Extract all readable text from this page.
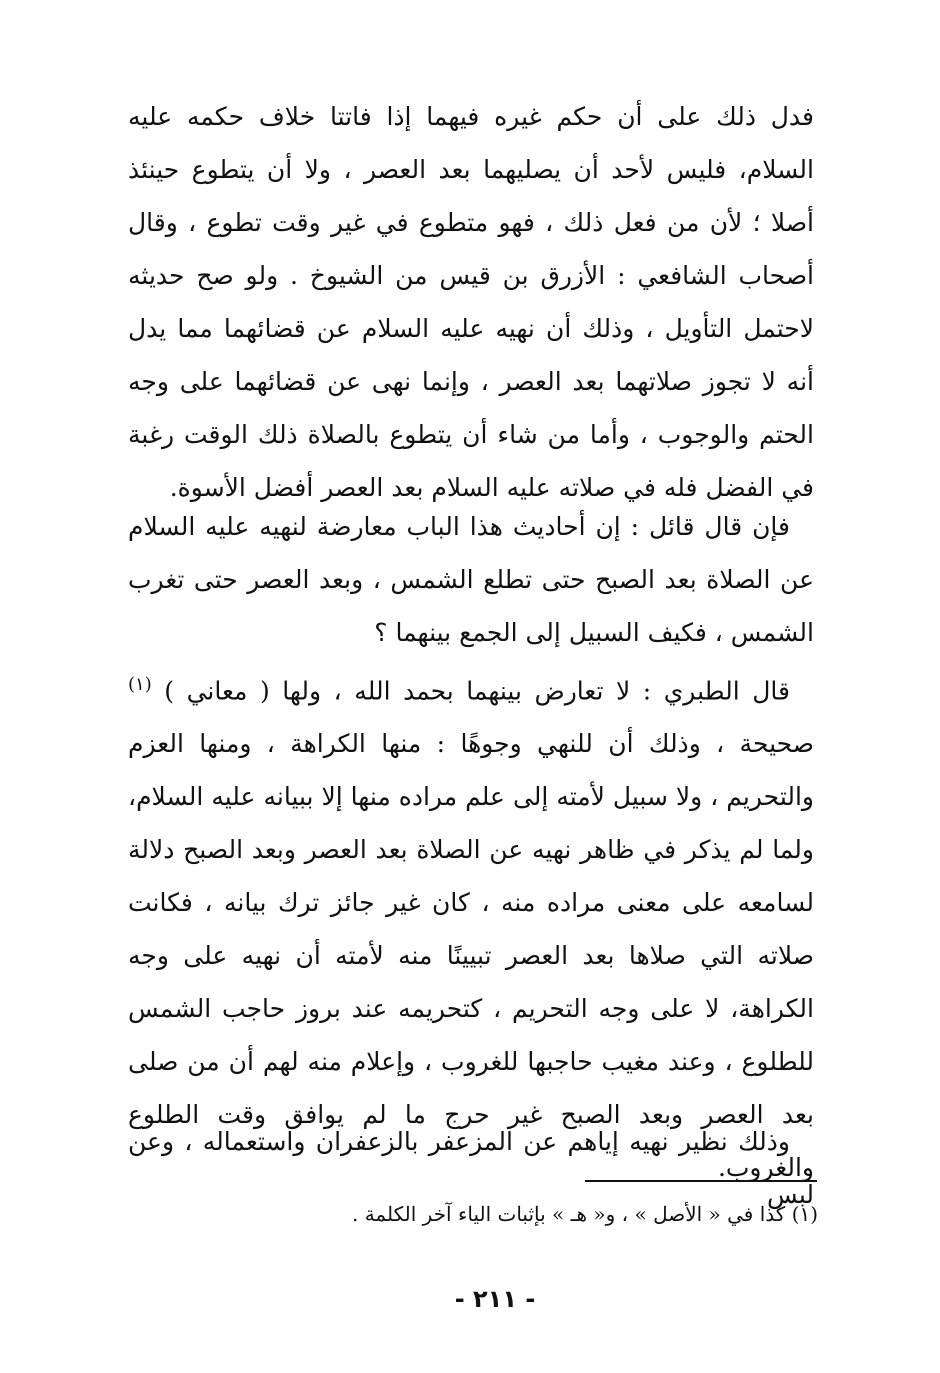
فدل ذلك على أن حكم غيره فيهما إذا فاتتا خلاف حكمه عليه السلام، فليس لأحد أن يصليهما بعد العصر ، ولا أن يتطوع حينئذ أصلا ؛ لأن من فعل ذلك ، فهو متطوع في غير وقت تطوع ، وقال أصحاب الشافعي : الأزرق بن قيس من الشيوخ . ولو صح حديثه لاحتمل التأويل ، وذلك أن نهيه عليه السلام عن قضائهما مما يدل أنه لا تجوز صلاتهما بعد العصر ، وإنما نهى عن قضائهما على وجه الحتم والوجوب ، وأما من شاء أن يتطوع بالصلاة ذلك الوقت رغبة في الفضل فله في صلاته عليه السلام بعد العصر أفضل الأسوة.

فإن قال قائل : إن أحاديث هذا الباب معارضة لنهيه عليه السلام عن الصلاة بعد الصبح حتى تطلع الشمس ، وبعد العصر حتى تغرب الشمس ، فكيف السبيل إلى الجمع بينهما ؟

قال الطبري : لا تعارض بينهما بحمد الله ، ولها ( معاني ) $^{(١)}$ صحيحة ، وذلك أن للنهي وجوهًا : منها الكراهة ، ومنها العزم والتحريم ، ولا سبيل لأمته إلى علم مراده منها إلا ببيانه عليه السلام، ولما لم يذكر في ظاهر نهيه عن الصلاة بعد العصر وبعد الصبح دلالة لسامعه على معنى مراده منه ، كان غير جائز ترك بيانه ، فكانت صلاته التي صلاها بعد العصر تبيينًا منه لأمته أن نهيه على وجه الكراهة، لا على وجه التحريم ، كتحريمه عند بروز حاجب الشمس للطلوع ، وعند مغيب حاجبها للغروب ، وإعلام منه لهم أن من صلى بعد العصر وبعد الصبح غير حرج ما لم يوافق وقت الطلوع والغروب.

وذلك نظير نهيه إياهم عن المزعفر بالزعفران واستعماله ، وعن لبس

(١) كذا في « الأصل » ، و« هـ » بإثبات الياء آخر الكلمة .
- ٢١١ -
